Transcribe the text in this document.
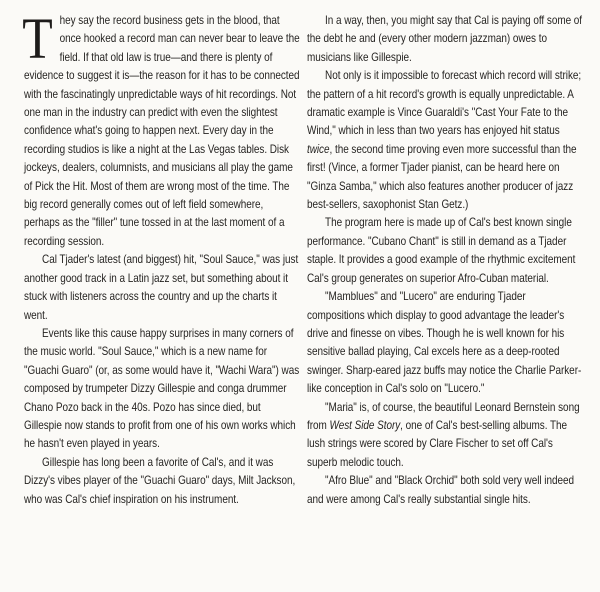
They say the record business gets in the blood, that once hooked a record man can never bear to leave the field. If that old law is true—and there is plenty of evidence to suggest it is—the reason for it has to be connected with the fascinatingly unpredictable ways of hit recordings. Not one man in the industry can predict with even the slightest confidence what's going to happen next. Every day in the recording studios is like a night at the Las Vegas tables. Disk jockeys, dealers, columnists, and musicians all play the game of Pick the Hit. Most of them are wrong most of the time. The big record generally comes out of left field somewhere, perhaps as the "filler" tune tossed in at the last moment of a recording session.

Cal Tjader's latest (and biggest) hit, "Soul Sauce," was just another good track in a Latin jazz set, but something about it stuck with listeners across the country and up the charts it went.

Events like this cause happy surprises in many corners of the music world. "Soul Sauce," which is a new name for "Guachi Guaro" (or, as some would have it, "Wachi Wara") was composed by trumpeter Dizzy Gillespie and conga drummer Chano Pozo back in the 40s. Pozo has since died, but Gillespie now stands to profit from one of his own works which he hasn't even played in years.

Gillespie has long been a favorite of Cal's, and it was Dizzy's vibes player of the "Guachi Guaro" days, Milt Jackson, who was Cal's chief inspiration on his instrument.

In a way, then, you might say that Cal is paying off some of the debt he and (every other modern jazzman) owes to musicians like Gillespie.

Not only is it impossible to forecast which record will strike; the pattern of a hit record's growth is equally unpredictable. A dramatic example is Vince Guaraldi's "Cast Your Fate to the Wind," which in less than two years has enjoyed hit status twice, the second time proving even more successful than the first! (Vince, a former Tjader pianist, can be heard here on "Ginza Samba," which also features another producer of jazz best-sellers, saxophonist Stan Getz.)

The program here is made up of Cal's best known single performance. "Cubano Chant" is still in demand as a Tjader staple. It provides a good example of the rhythmic excitement Cal's group generates on superior Afro-Cuban material.

"Mamblues" and "Lucero" are enduring Tjader compositions which display to good advantage the leader's drive and finesse on vibes. Though he is well known for his sensitive ballad playing, Cal excels here as a deep-rooted swinger. Sharp-eared jazz buffs may notice the Charlie Parker-like conception in Cal's solo on "Lucero."

"Maria" is, of course, the beautiful Leonard Bernstein song from West Side Story, one of Cal's best-selling albums. The lush strings were scored by Clare Fischer to set off Cal's superb melodic touch.

"Afro Blue" and "Black Orchid" both sold very well indeed and were among Cal's really substantial single hits.
